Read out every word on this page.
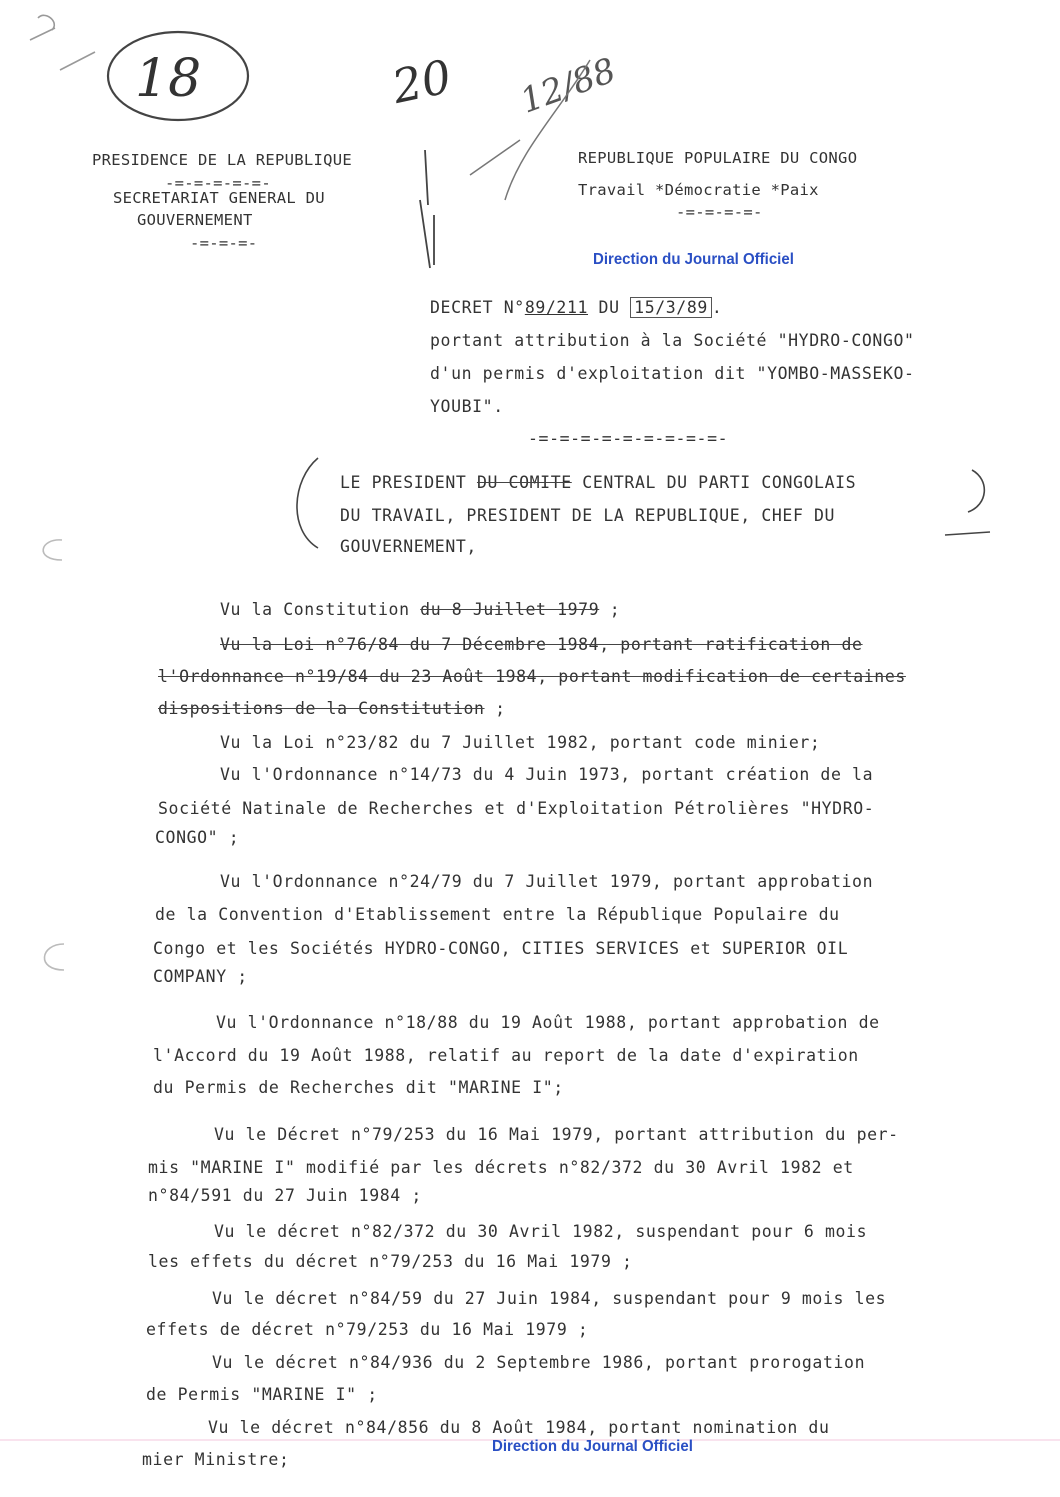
18	20 12/88
PRESIDENCE DE LA REPUBLIQUE
-=-=-=-=-=-
SECRETARIAT GENERAL DU
GOUVERNEMENT
-=-=-=-
REPUBLIQUE POPULAIRE DU CONGO
Travail *Démocratie *Paix
-=-=-=-=-
Direction du Journal Officiel
DECRET N°89/211 DU 15/3/89 .
portant attribution à la Société "HYDRO-CONGO"
d'un permis d'exploitation dit "YOMBO-MASSEKO-
YOUBI".
-=-=-=-=-=-=-=-=-=-
LE PRESIDENT DU COMITE CENTRAL DU PARTI CONGOLAIS
DU TRAVAIL, PRESIDENT DE LA REPUBLIQUE, CHEF DU
GOUVERNEMENT,
Vu la Constitution du 8 Juillet 1979 ;
Vu la Loi n°76/84 du 7 Décembre 1984, portant ratification de
l'Ordonnance n°19/84 du 23 Août 1984, portant modification de certaines
dispositions de la Constitution ;
Vu la Loi n°23/82 du 7 Juillet 1982, portant code minier;
Vu l'Ordonnance n°14/73 du 4 Juin 1973, portant création de la
Société Natinale de Recherches et d'Exploitation Pétrolières "HYDRO-
CONGO" ;
Vu l'Ordonnance n°24/79 du 7 Juillet 1979, portant approbation
de la Convention d'Etablissement entre la République Populaire du
Congo et les Sociétés HYDRO-CONGO, CITIES SERVICES et SUPERIOR OIL
COMPANY ;
Vu l'Ordonnance n°18/88 du 19 Août 1988, portant approbation de
l'Accord du 19 Août 1988, relatif au report de la date d'expiration
du Permis de Recherches dit "MARINE I";
Vu le Décret n°79/253 du 16 Mai 1979, portant attribution du per-
mis "MARINE I" modifié par les décrets n°82/372 du 30 Avril 1982 et
n°84/591 du 27 Juin 1984 ;
Vu le décret n°82/372 du 30 Avril 1982, suspendant pour 6 mois
les effets du décret n°79/253 du 16 Mai 1979 ;
Vu le décret n°84/59 du 27 Juin 1984, suspendant pour 9 mois les
effets de décret n°79/253 du 16 Mai 1979 ;
Vu le décret n°84/936 du 2 Septembre 1986, portant prorogation
de Permis "MARINE I" ;
Vu le décret n°84/856 du 8 Août 1984, portant nomination du
mier Ministre;
Direction du Journal Officiel
